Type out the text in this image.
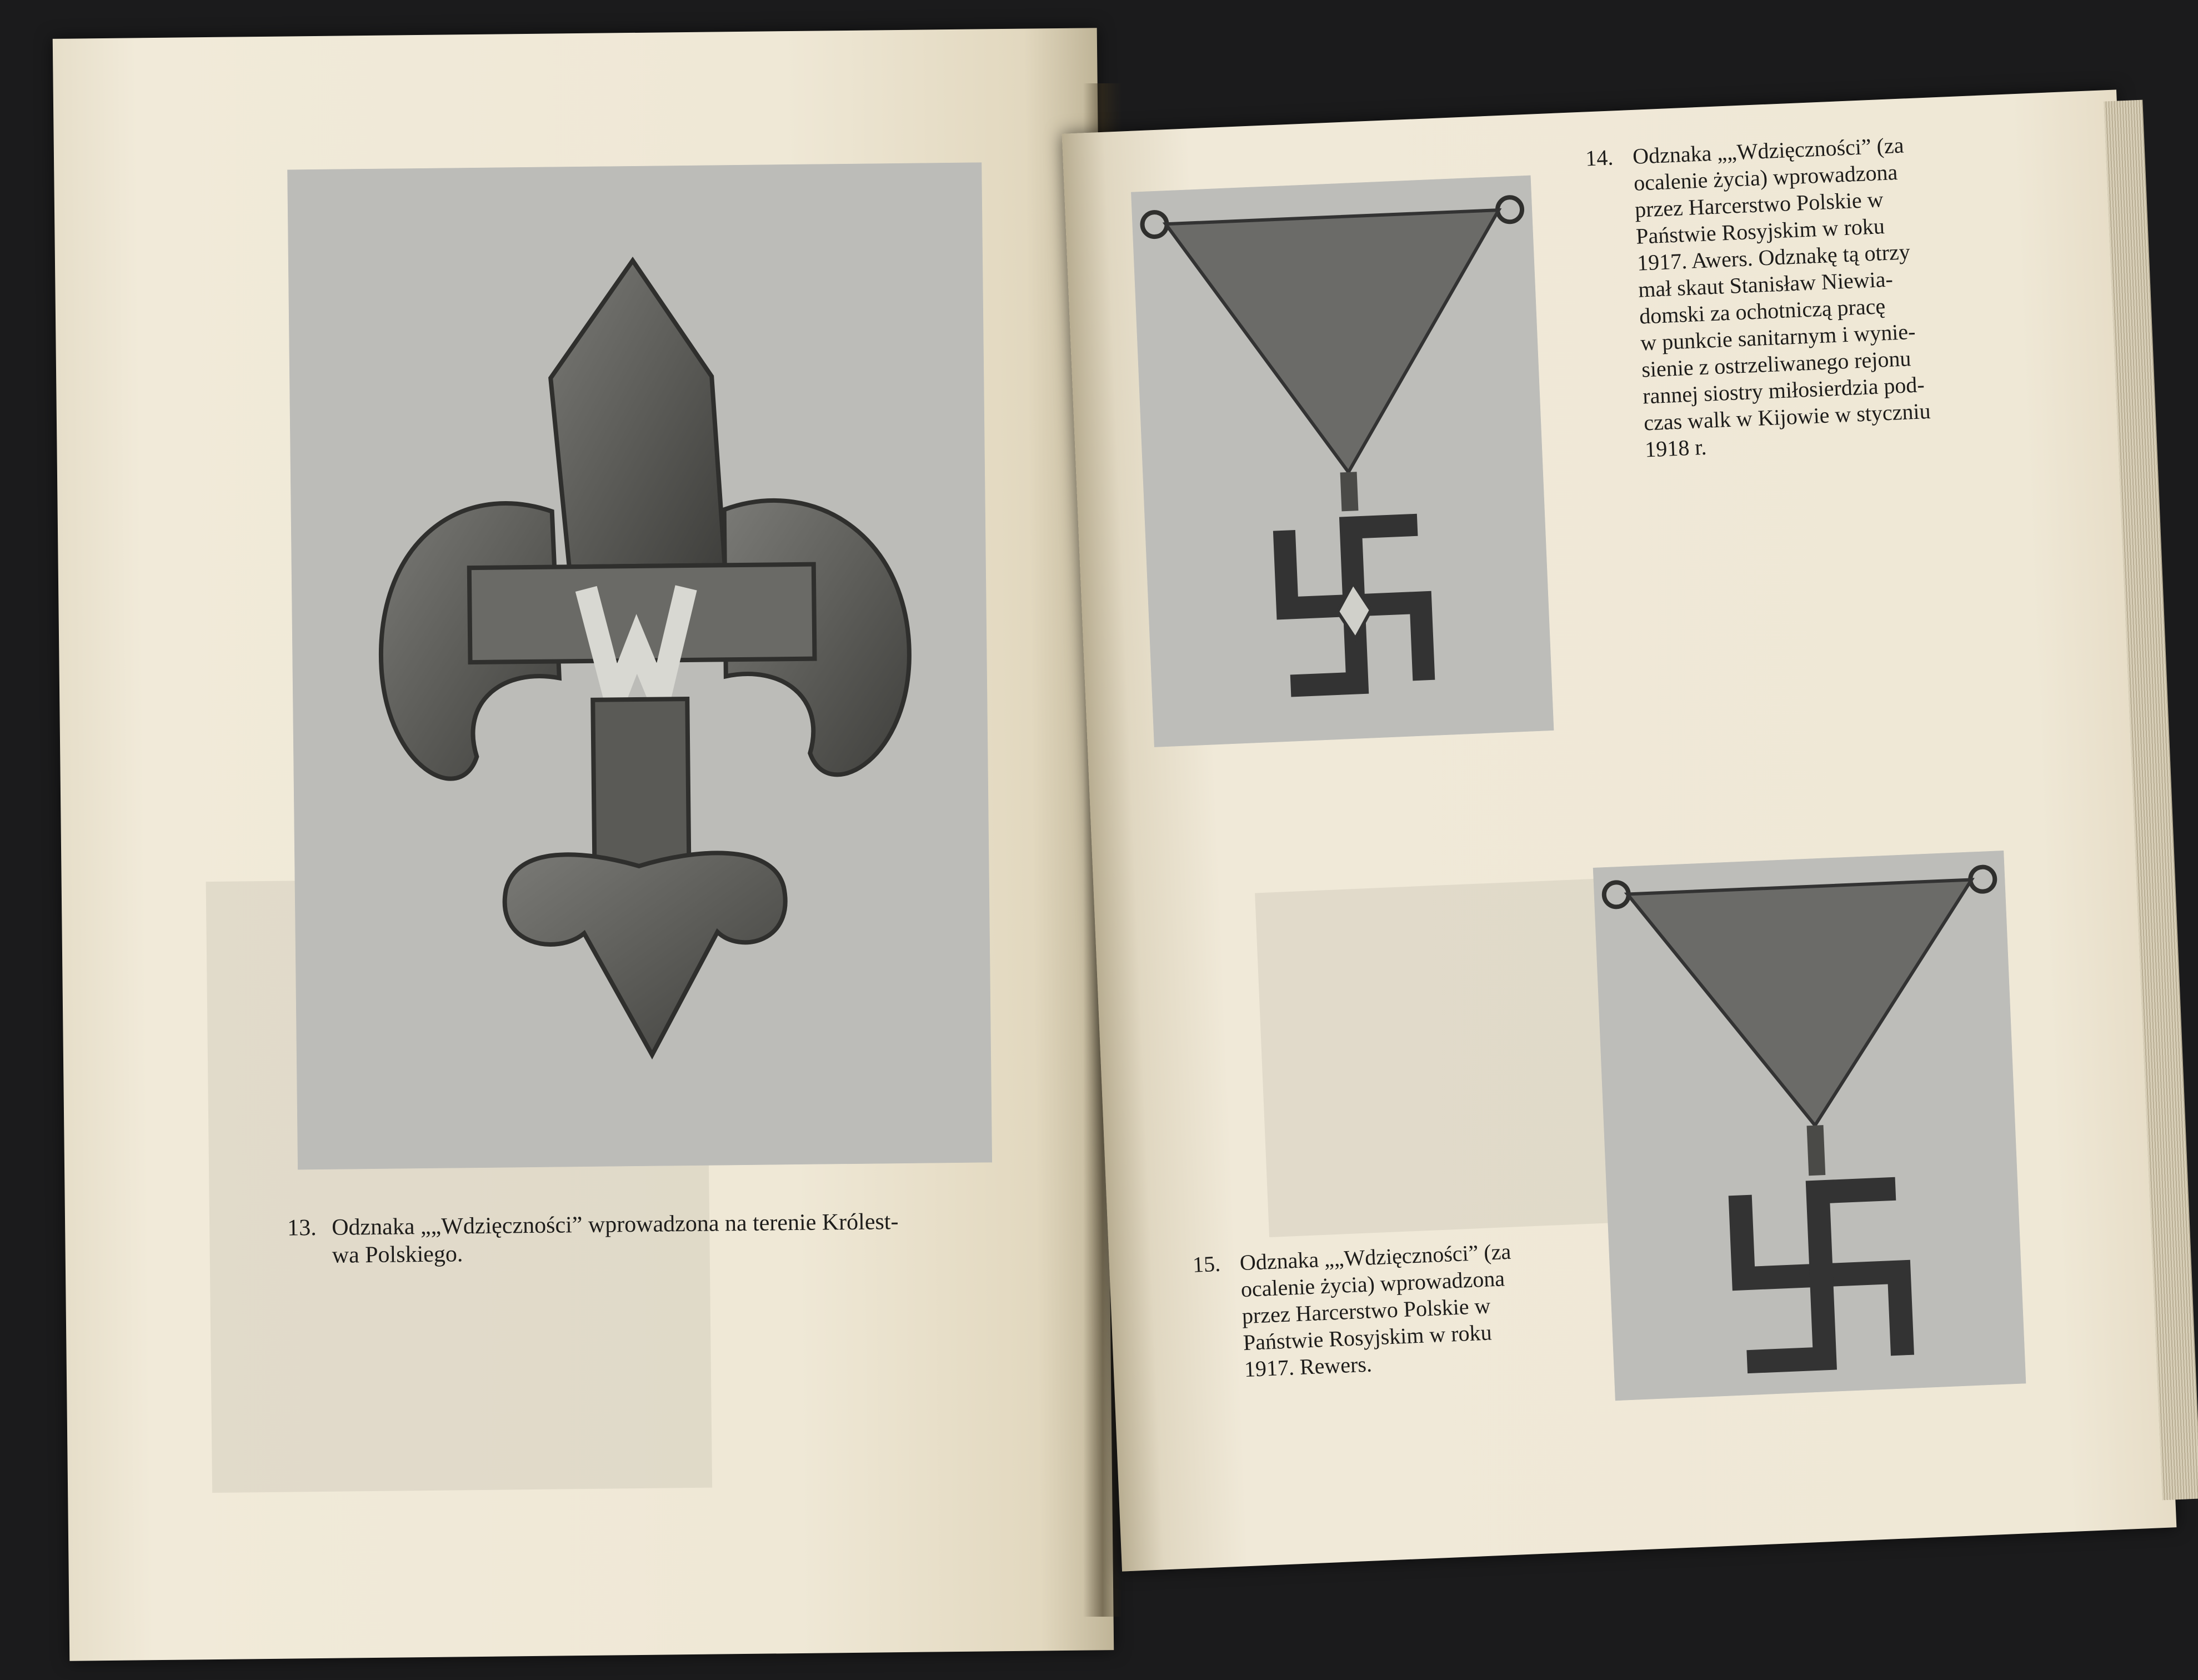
13. Odznaka „„Wdzięczności” wprowadzona na terenie Królest-
wa Polskiego.
14. Odznaka „„Wdzięczności” (za
ocalenie życia) wprowadzona
przez Harcerstwo Polskie w
Państwie Rosyjskim w roku
1917. Awers. Odznakę tą otrzy
mał skaut Stanisław Niewia-
domski za ochotniczą pracę
w punkcie sanitarnym i wynie-
sienie z ostrzeliwanego rejonu
rannej siostry miłosierdzia pod-
czas walk w Kijowie w styczniu
1918 r.
15. Odznaka „„Wdzięczności” (za
ocalenie życia) wprowadzona
przez Harcerstwo Polskie w
Państwie Rosyjskim w roku
1917. Rewers.
